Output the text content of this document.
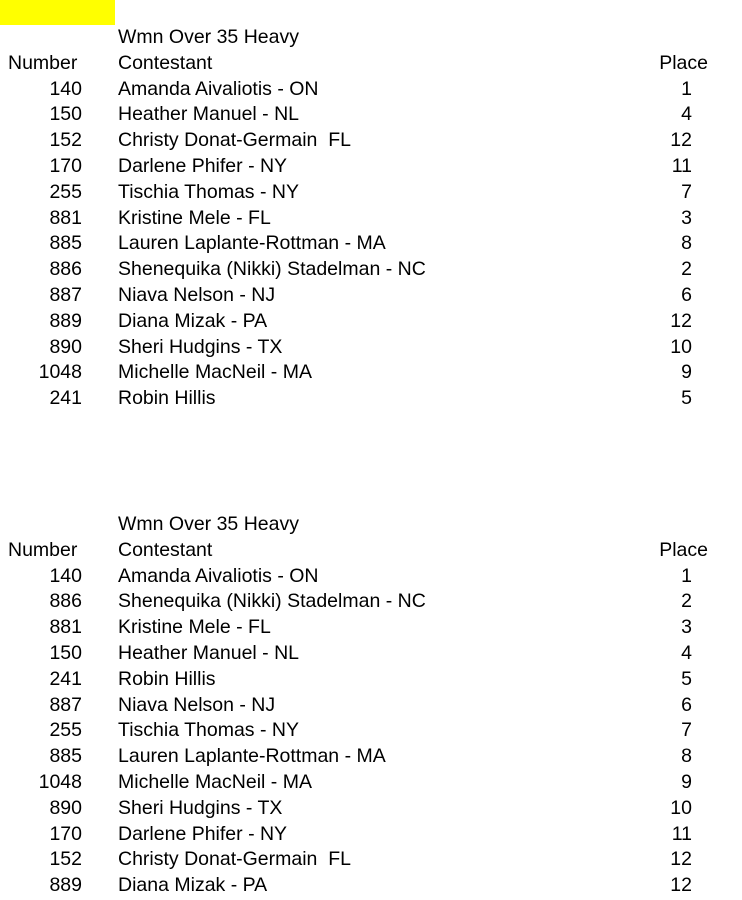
Wmn Over 35 Heavy
Number	Contestant	Place
140 Amanda Aivaliotis - ON	1
150 Heather Manuel - NL	4
152 Christy Donat-Germain  FL	12
170 Darlene Phifer - NY	11
255 Tischia Thomas - NY	7
881 Kristine Mele - FL	3
885 Lauren Laplante-Rottman - MA	8
886 Shenequika (Nikki) Stadelman - NC	2
887 Niava Nelson - NJ	6
889 Diana Mizak - PA	12
890 Sheri Hudgins - TX	10
1048 Michelle MacNeil - MA	9
241 Robin Hillis	5
Wmn Over 35 Heavy
Number	Contestant	Place
140 Amanda Aivaliotis - ON	1
886 Shenequika (Nikki) Stadelman - NC	2
881 Kristine Mele - FL	3
150 Heather Manuel - NL	4
241 Robin Hillis	5
887 Niava Nelson - NJ	6
255 Tischia Thomas - NY	7
885 Lauren Laplante-Rottman - MA	8
1048 Michelle MacNeil - MA	9
890 Sheri Hudgins - TX	10
170 Darlene Phifer - NY	11
152 Christy Donat-Germain  FL	12
889 Diana Mizak - PA	12
